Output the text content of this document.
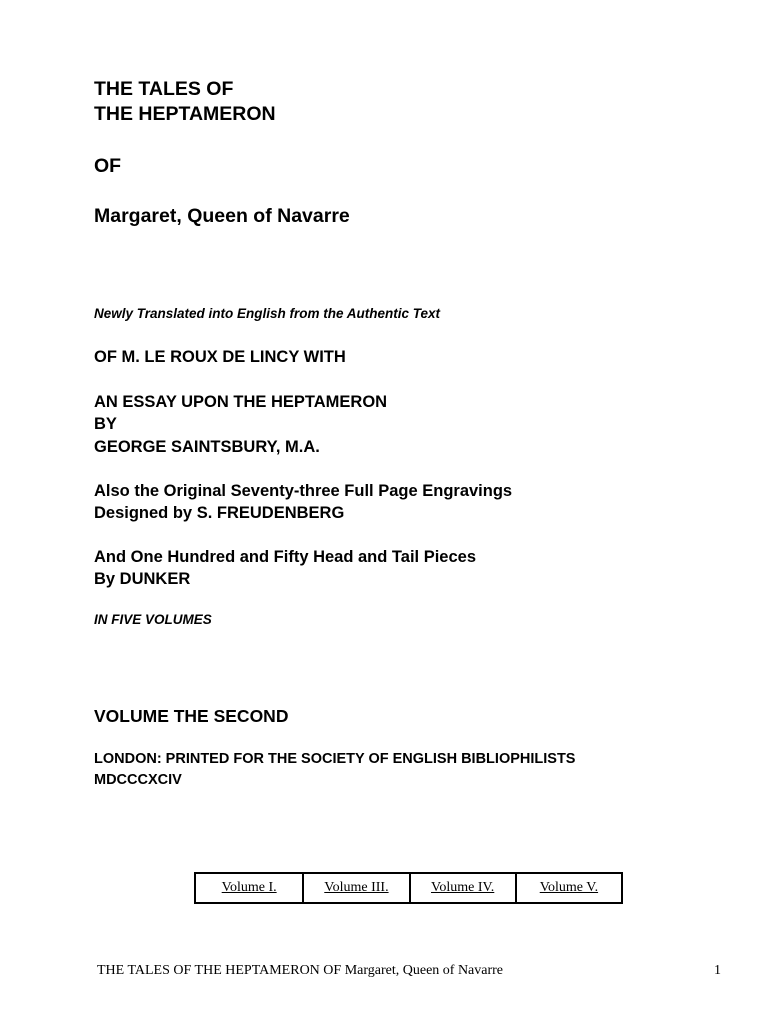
THE TALES OF
THE HEPTAMERON

OF

Margaret, Queen of Navarre

Newly Translated into English from the Authentic Text

OF M. LE ROUX DE LINCY WITH

AN ESSAY UPON THE HEPTAMERON

BY

GEORGE SAINTSBURY, M.A.

Also the Original Seventy-three Full Page Engravings

Designed by S. FREUDENBERG

And One Hundred and Fifty Head and Tail Pieces

By DUNKER

IN FIVE VOLUMES

VOLUME THE SECOND

LONDON: PRINTED FOR THE SOCIETY OF ENGLISH BIBLIOPHILISTS

MDCCCXCIV

Volume I.	Volume III.	Volume IV.	Volume V.
THE TALES OF THE HEPTAMERON OF Margaret, Queen of Navarre	1
